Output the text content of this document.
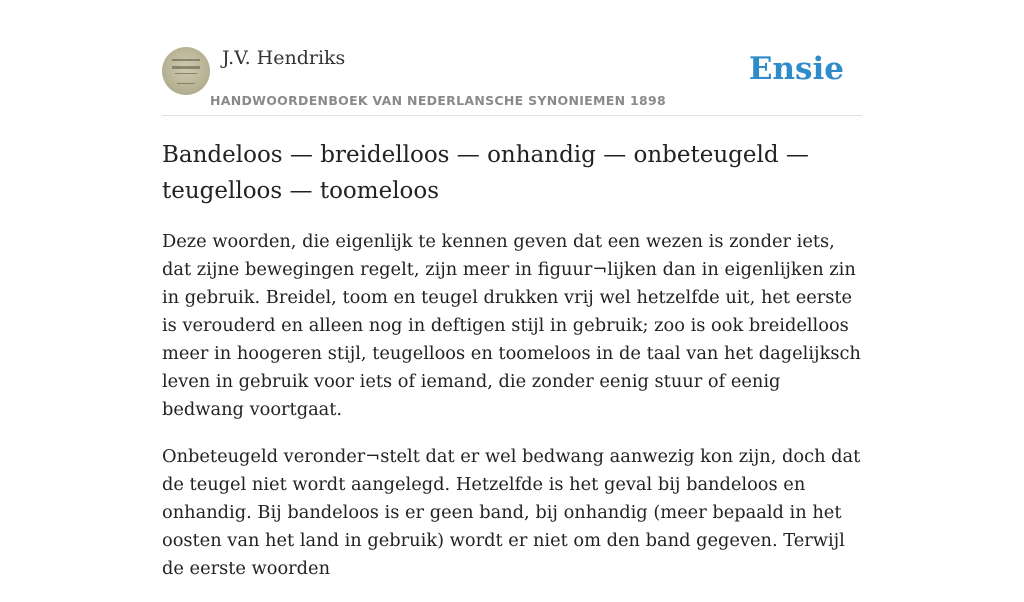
J.V. Hendriks
HANDWOORDENBOEK VAN NEDERLANSCHE SYNONIEMEN 1898
Ensie
Bandeloos — breidelloos — onhandig — onbeteugeld — teugelloos — toomeloos

Deze woorden, die eigenlijk te kennen geven dat een wezen is zonder iets, dat zijne bewegingen regelt, zijn meer in figuur¬lijken dan in eigenlijken zin in gebruik. Breidel, toom en teugel drukken vrij wel hetzelfde uit, het eerste is verouderd en alleen nog in deftigen stijl in gebruik; zoo is ook breidelloos meer in hoogeren stijl, teugelloos en toomeloos in de taal van het dagelijksch leven in gebruik voor iets of iemand, die zonder eenig stuur of eenig bedwang voortgaat.

Onbeteugeld veronder¬stelt dat er wel bedwang aanwezig kon zijn, doch dat de teugel niet wordt aangelegd. Hetzelfde is het geval bij bandeloos en onhandig. Bij bandeloos is er geen band, bij onhandig (meer bepaald in het oosten van het land in gebruik) wordt er niet om den band gegeven. Terwijl de eerste woorden
